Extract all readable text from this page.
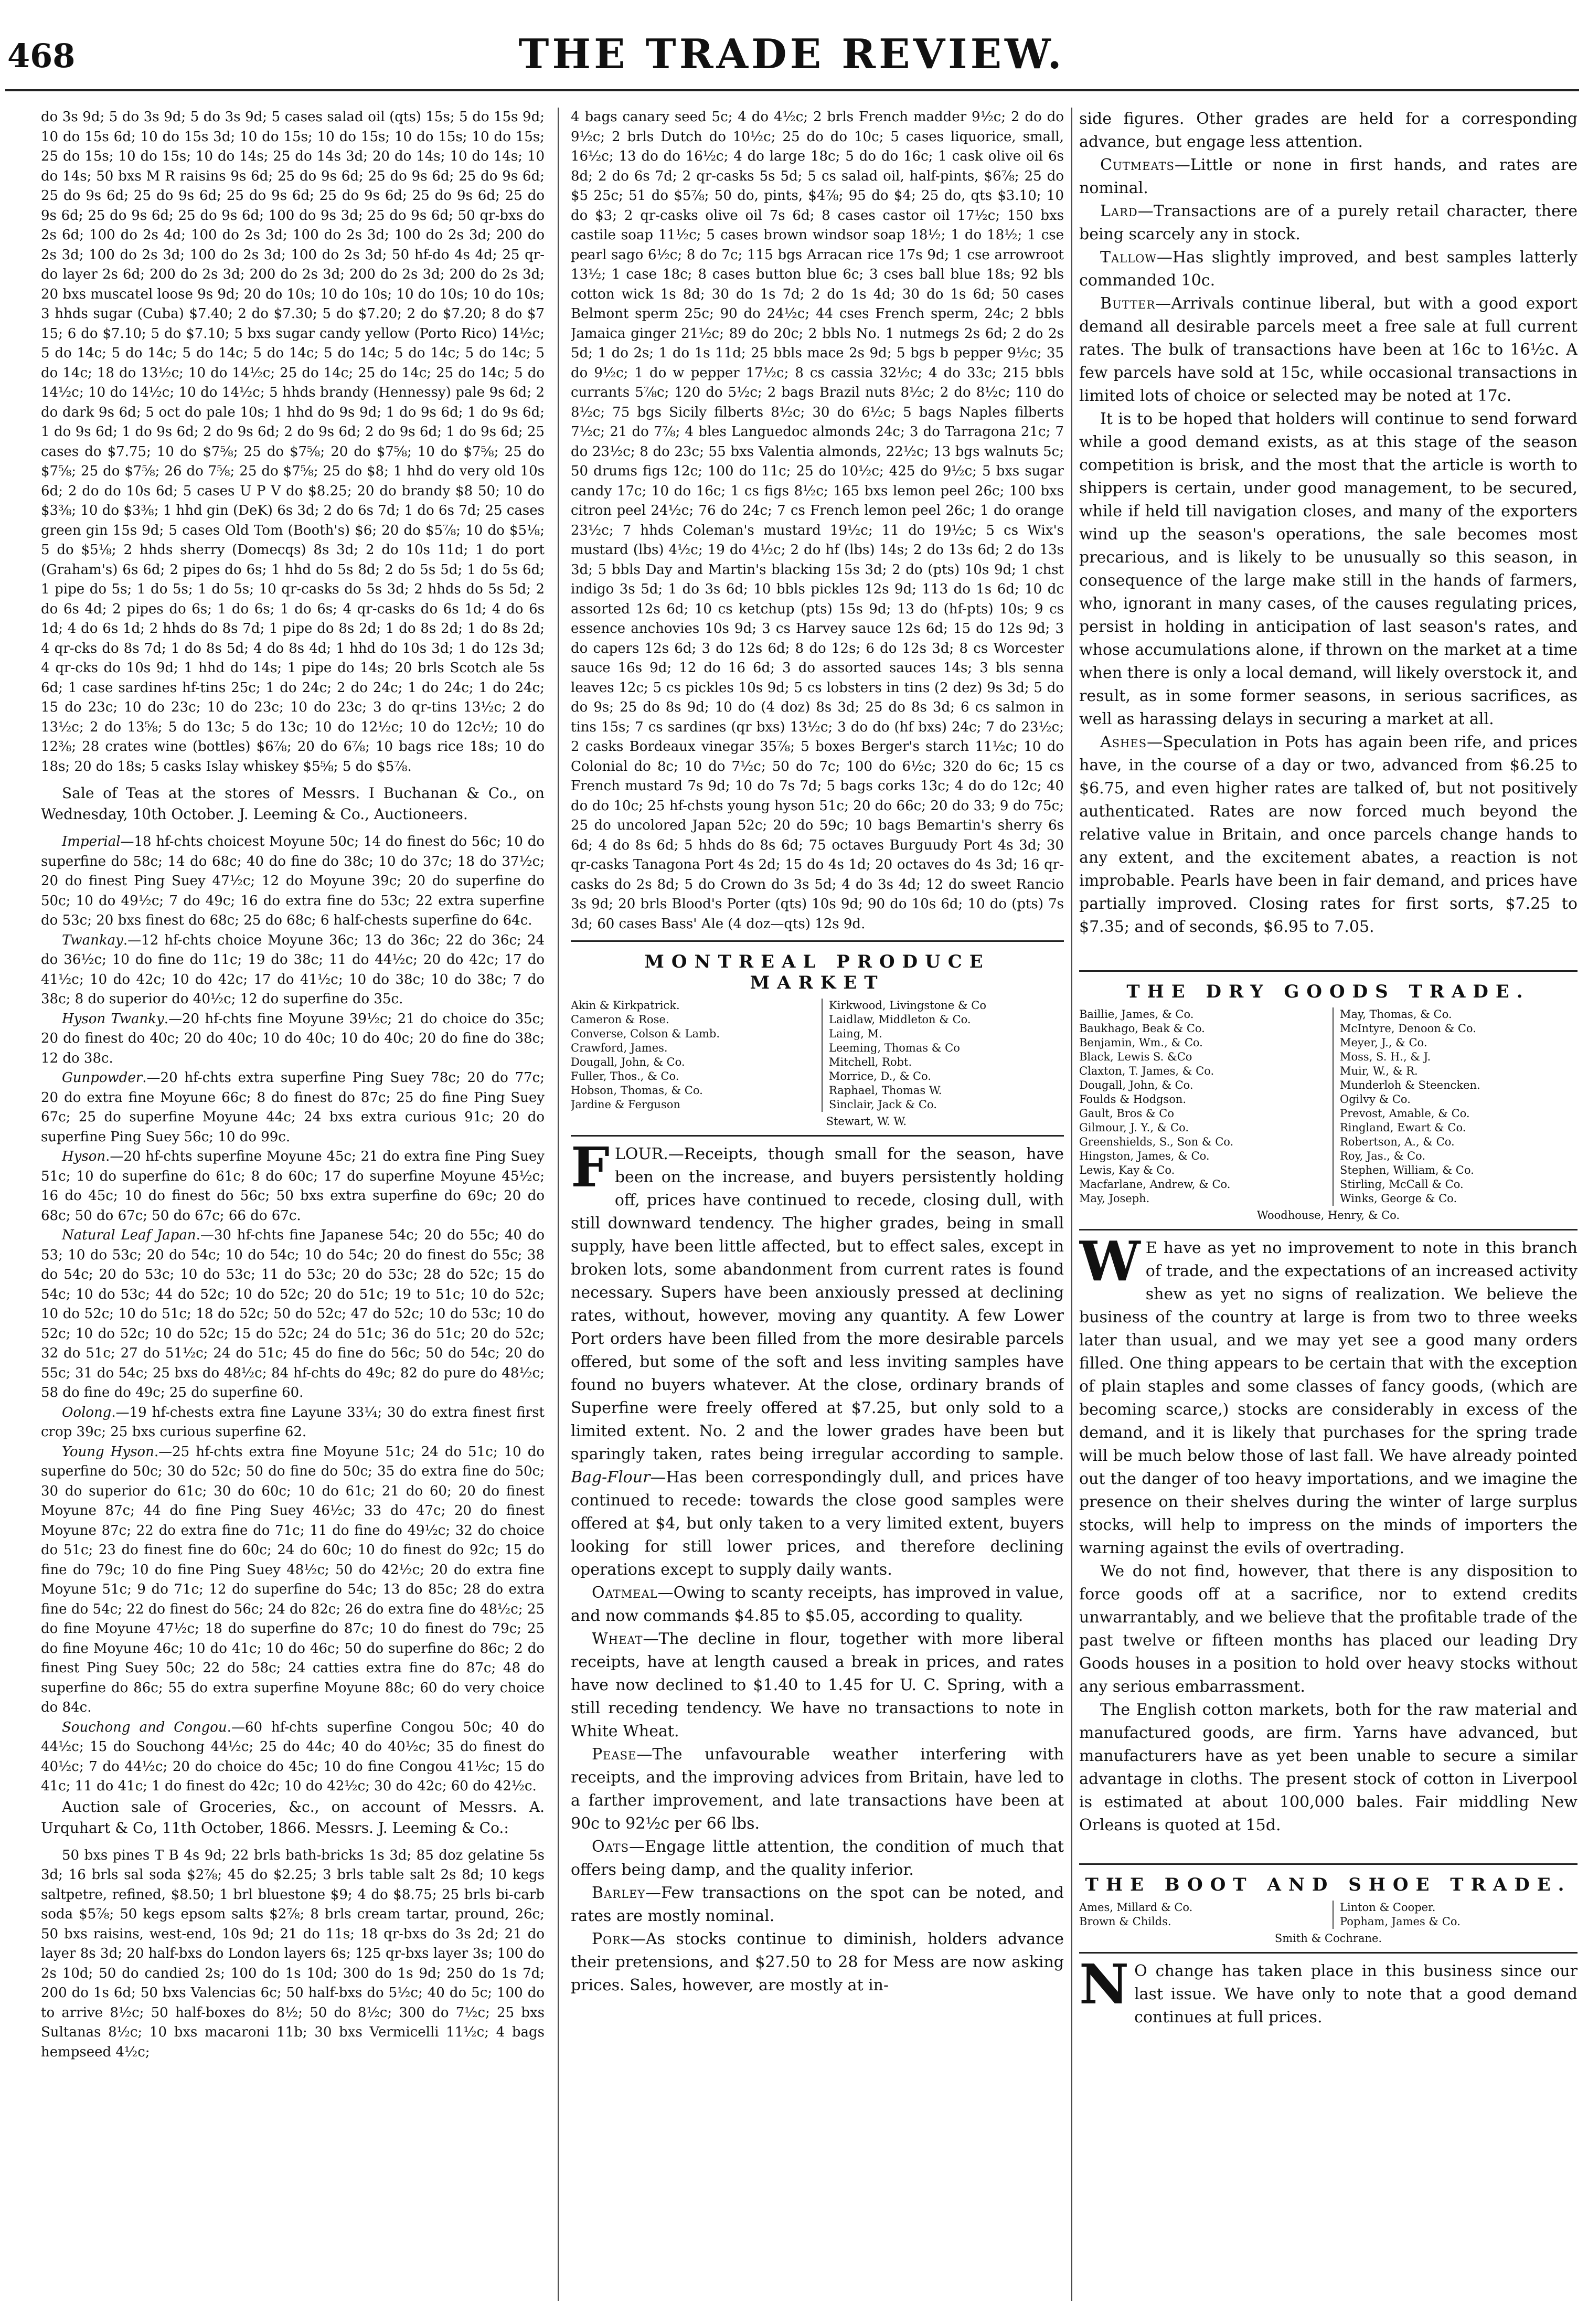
468	THE TRADE REVIEW.

do 3s 9d; 5 do 3s 9d; 5 do 3s 9d; 5 cases salad oil (qts) 15s; 5 do 15s 9d; 10 do 15s 6d; 10 do 15s 3d; 10 do 15s; 10 do 15s; 10 do 15s; 10 do 15s; 25 do 15s; 10 do 15s; 10 do 14s; 25 do 14s 3d; 20 do 14s; 10 do 14s; 10 do 14s; 50 bxs M R raisins 9s 6d; 25 do 9s 6d; 25 do 9s 6d; 25 do 9s 6d; 25 do 9s 6d; 25 do 9s 6d; 25 do 9s 6d; 25 do 9s 6d; 25 do 9s 6d; 25 do 9s 6d; 25 do 9s 6d; 25 do 9s 6d; 100 do 9s 3d; 25 do 9s 6d; 50 qr-bxs do 2s 6d; 100 do 2s 4d; 100 do 2s 3d; 100 do 2s 3d; 100 do 2s 3d; 200 do 2s 3d; 100 do 2s 3d; 100 do 2s 3d; 100 do 2s 3d; 50 hf-do 4s 4d; 25 qr-do layer 2s 6d; 200 do 2s 3d; 200 do 2s 3d; 200 do 2s 3d; 200 do 2s 3d; 20 bxs muscatel loose 9s 9d; 20 do 10s; 10 do 10s; 10 do 10s; 10 do 10s; 3 hhds sugar (Cuba) $7.40; 2 do $7.30; 5 do $7.20; 2 do $7.20; 8 do $7 15; 6 do $7.10; 5 do $7.10; 5 bxs sugar candy yellow (Porto Rico) 14½c; 5 do 14c; 5 do 14c; 5 do 14c; 5 do 14c; 5 do 14c; 5 do 14c; 5 do 14c; 5 do 14c; 18 do 13½c; 10 do 14½c; 25 do 14c; 25 do 14c; 25 do 14c; 5 do 14½c; 10 do 14½c; 10 do 14½c; 5 hhds brandy (Hennessy) pale 9s 6d; 2 do dark 9s 6d; 5 oct do pale 10s; 1 hhd do 9s 9d; 1 do 9s 6d; 1 do 9s 6d; 1 do 9s 6d; 1 do 9s 6d; 2 do 9s 6d; 2 do 9s 6d; 2 do 9s 6d; 1 do 9s 6d; 25 cases do $7.75; 10 do $7⅝; 25 do $7⅝; 20 do $7⅝; 10 do $7⅝; 25 do $7⅝; 25 do $7⅝; 26 do 7⅝; 25 do $7⅝; 25 do $8; 1 hhd do very old 10s 6d; 2 do do 10s 6d; 5 cases U P V do $8.25; 20 do brandy $8 50; 10 do $3⅜; 10 do $3⅜; 1 hhd gin (DeK) 6s 3d; 2 do 6s 7d; 1 do 6s 7d; 25 cases green gin 15s 9d; 5 cases Old Tom (Booth's) $6; 20 do $5⅞; 10 do $5⅛; 5 do $5⅛; 2 hhds sherry (Domecqs) 8s 3d; 2 do 10s 11d; 1 do port (Graham's) 6s 6d; 2 pipes do 6s; 1 hhd do 5s 8d; 2 do 5s 5d; 1 do 5s 6d; 1 pipe do 5s; 1 do 5s; 1 do 5s; 10 qr-casks do 5s 3d; 2 hhds do 5s 5d; 2 do 6s 4d; 2 pipes do 6s; 1 do 6s; 1 do 6s; 4 qr-casks do 6s 1d; 4 do 6s 1d; 4 do 6s 1d; 2 hhds do 8s 7d; 1 pipe do 8s 2d; 1 do 8s 2d; 1 do 8s 2d; 4 qr-cks do 8s 7d; 1 do 8s 5d; 4 do 8s 4d; 1 hhd do 10s 3d; 1 do 12s 3d; 4 qr-cks do 10s 9d; 1 hhd do 14s; 1 pipe do 14s; 20 brls Scotch ale 5s 6d; 1 case sardines hf-tins 25c; 1 do 24c; 2 do 24c; 1 do 24c; 1 do 24c; 15 do 23c; 10 do 23c; 10 do 23c; 10 do 23c; 3 do qr-tins 13½c; 2 do 13½c; 2 do 13⅝; 5 do 13c; 5 do 13c; 10 do 12½c; 10 do 12c½; 10 do 12⅜; 28 crates wine (bottles) $6⅞; 20 do 6⅞; 10 bags rice 18s; 10 do 18s; 20 do 18s; 5 casks Islay whiskey $5⅝; 5 do $5⅞.

Sale of Teas at the stores of Messrs. I Buchanan & Co., on Wednesday, 10th October. J. Leeming & Co., Auctioneers.

Imperial—18 hf-chts choicest Moyune 50c; 14 do finest do 56c; 10 do superfine do 58c; 14 do 68c; 40 do fine do 38c; 10 do 37c; 18 do 37½c; 20 do finest Ping Suey 47½c; 12 do Moyune 39c; 20 do superfine do 50c; 10 do 49½c; 7 do 49c; 16 do extra fine do 53c; 22 extra superfine do 53c; 20 bxs finest do 68c; 25 do 68c; 6 half-chests superfine do 64c.

Twankay.—12 hf-chts choice Moyune 36c; 13 do 36c; 22 do 36c; 24 do 36½c; 10 do fine do 11c; 19 do 38c; 11 do 44½c; 20 do 42c; 17 do 41½c; 10 do 42c; 10 do 42c; 17 do 41½c; 10 do 38c; 10 do 38c; 7 do 38c; 8 do superior do 40½c; 12 do superfine do 35c.

Hyson Twanky.—20 hf-chts fine Moyune 39½c; 21 do choice do 35c; 20 do finest do 40c; 20 do 40c; 10 do 40c; 10 do 40c; 20 do fine do 38c; 12 do 38c.

Gunpowder.—20 hf-chts extra superfine Ping Suey 78c; 20 do 77c; 20 do extra fine Moyune 66c; 8 do finest do 87c; 25 do fine Ping Suey 67c; 25 do superfine Moyune 44c; 24 bxs extra curious 91c; 20 do superfine Ping Suey 56c; 10 do 99c.

Hyson.—20 hf-chts superfine Moyune 45c; 21 do extra fine Ping Suey 51c; 10 do superfine do 61c; 8 do 60c; 17 do superfine Moyune 45½c; 16 do 45c; 10 do finest do 56c; 50 bxs extra superfine do 69c; 20 do 68c; 50 do 67c; 50 do 67c; 66 do 67c.

Natural Leaf Japan.—30 hf-chts fine Japanese 54c; 20 do 55c; 40 do 53; 10 do 53c; 20 do 54c; 10 do 54c; 10 do 54c; 20 do finest do 55c; 38 do 54c; 20 do 53c; 10 do 53c; 11 do 53c; 20 do 53c; 28 do 52c; 15 do 54c; 10 do 53c; 44 do 52c; 10 do 52c; 20 do 51c; 19 to 51c; 10 do 52c; 10 do 52c; 10 do 51c; 18 do 52c; 50 do 52c; 47 do 52c; 10 do 53c; 10 do 52c; 10 do 52c; 10 do 52c; 15 do 52c; 24 do 51c; 36 do 51c; 20 do 52c; 32 do 51c; 27 do 51½c; 24 do 51c; 45 do fine do 56c; 50 do 54c; 20 do 55c; 31 do 54c; 25 bxs do 48½c; 84 hf-chts do 49c; 82 do pure do 48½c; 58 do fine do 49c; 25 do superfine 60.

Oolong.—19 hf-chests extra fine Layune 33¼; 30 do extra finest first crop 39c; 25 bxs curious superfine 62.

Young Hyson.—25 hf-chts extra fine Moyune 51c; 24 do 51c; 10 do superfine do 50c; 30 do 52c; 50 do fine do 50c; 35 do extra fine do 50c; 30 do superior do 61c; 30 do 60c; 10 do 61c; 21 do 60; 20 do finest Moyune 87c; 44 do fine Ping Suey 46½c; 33 do 47c; 20 do finest Moyune 87c; 22 do extra fine do 71c; 11 do fine do 49½c; 32 do choice do 51c; 23 do finest fine do 60c; 24 do 60c; 10 do finest do 92c; 15 do fine do 79c; 10 do fine Ping Suey 48½c; 50 do 42½c; 20 do extra fine Moyune 51c; 9 do 71c; 12 do superfine do 54c; 13 do 85c; 28 do extra fine do 54c; 22 do finest do 56c; 24 do 82c; 26 do extra fine do 48½c; 25 do fine Moyune 47½c; 18 do superfine do 87c; 10 do finest do 79c; 25 do fine Moyune 46c; 10 do 41c; 10 do 46c; 50 do superfine do 86c; 2 do finest Ping Suey 50c; 22 do 58c; 24 catties extra fine do 87c; 48 do superfine do 86c; 55 do extra superfine Moyune 88c; 60 do very choice do 84c.

Souchong and Congou.—60 hf-chts superfine Congou 50c; 40 do 44½c; 15 do Souchong 44½c; 25 do 44c; 40 do 40½c; 35 do finest do 40½c; 7 do 44½c; 20 do choice do 45c; 10 do fine Congou 41½c; 15 do 41c; 11 do 41c; 1 do finest do 42c; 10 do 42½c; 30 do 42c; 60 do 42½c.

Auction sale of Groceries, &c., on account of Messrs. A. Urquhart & Co, 11th October, 1866. Messrs. J. Leeming & Co.:

50 bxs pines T B 4s 9d; 22 brls bath-bricks 1s 3d; 85 doz gelatine 5s 3d; 16 brls sal soda $2⅞; 45 do $2.25; 3 brls table salt 2s 8d; 10 kegs saltpetre, refined, $8.50; 1 brl bluestone $9; 4 do $8.75; 25 brls bi-carb soda $5⅞; 50 kegs epsom salts $2⅞; 8 brls cream tartar, pround, 26c; 50 bxs raisins, west-end, 10s 9d; 21 do 11s; 18 qr-bxs do 3s 2d; 21 do layer 8s 3d; 20 half-bxs do London layers 6s; 125 qr-bxs layer 3s; 100 do 2s 10d; 50 do candied 2s; 100 do 1s 10d; 300 do 1s 9d; 250 do 1s 7d; 200 do 1s 6d; 50 bxs Valencias 6c; 50 half-bxs do 5½c; 40 do 5c; 100 do to arrive 8½c; 50 half-boxes do 8½; 50 do 8½c; 300 do 7½c; 25 bxs Sultanas 8½c; 10 bxs macaroni 11b; 30 bxs Vermicelli 11½c; 4 bags hempseed 4½c;

4 bags canary seed 5c; 4 do 4½c; 2 brls French madder 9½c; 2 do do 9½c; 2 brls Dutch do 10½c; 25 do do 10c; 5 cases liquorice, small, 16½c; 13 do do 16½c; 4 do large 18c; 5 do do 16c; 1 cask olive oil 6s 8d; 2 do 6s 7d; 2 qr-casks 5s 5d; 5 cs salad oil, half-pints, $6⅞; 25 do $5 25c; 51 do $5⅞; 50 do, pints, $4⅞; 95 do $4; 25 do, qts $3.10; 10 do $3; 2 qr-casks olive oil 7s 6d; 8 cases castor oil 17½c; 150 bxs castile soap 11½c; 5 cases brown windsor soap 18½; 1 do 18½; 1 cse pearl sago 6½c; 8 do 7c; 115 bgs Arracan rice 17s 9d; 1 cse arrowroot 13½; 1 case 18c; 8 cases button blue 6c; 3 cses ball blue 18s; 92 bls cotton wick 1s 8d; 30 do 1s 7d; 2 do 1s 4d; 30 do 1s 6d; 50 cases Belmont sperm 25c; 90 do 24½c; 44 cses French sperm, 24c; 2 bbls Jamaica ginger 21½c; 89 do 20c; 2 bbls No. 1 nutmegs 2s 6d; 2 do 2s 5d; 1 do 2s; 1 do 1s 11d; 25 bbls mace 2s 9d; 5 bgs b pepper 9½c; 35 do 9½c; 1 do w pepper 17½c; 8 cs cassia 32½c; 4 do 33c; 215 bbls currants 5⅞c; 120 do 5½c; 2 bags Brazil nuts 8½c; 2 do 8½c; 110 do 8½c; 75 bgs Sicily filberts 8½c; 30 do 6½c; 5 bags Naples filberts 7½c; 21 do 7⅞; 4 bles Languedoc almonds 24c; 3 do Tarragona 21c; 7 do 23½c; 8 do 23c; 55 bxs Valentia almonds, 22½c; 13 bgs walnuts 5c; 50 drums figs 12c; 100 do 11c; 25 do 10½c; 425 do 9½c; 5 bxs sugar candy 17c; 10 do 16c; 1 cs figs 8½c; 165 bxs lemon peel 26c; 100 bxs citron peel 24½c; 76 do 24c; 7 cs French lemon peel 26c; 1 do orange 23½c; 7 hhds Coleman's mustard 19½c; 11 do 19½c; 5 cs Wix's mustard (lbs) 4½c; 19 do 4½c; 2 do hf (lbs) 14s; 2 do 13s 6d; 2 do 13s 3d; 5 bbls Day and Martin's blacking 15s 3d; 2 do (pts) 10s 9d; 1 chst indigo 3s 5d; 1 do 3s 6d; 10 bbls pickles 12s 9d; 113 do 1s 6d; 10 dc assorted 12s 6d; 10 cs ketchup (pts) 15s 9d; 13 do (hf-pts) 10s; 9 cs essence anchovies 10s 9d; 3 cs Harvey sauce 12s 6d; 15 do 12s 9d; 3 do capers 12s 6d; 3 do 12s 6d; 8 do 12s; 6 do 12s 3d; 8 cs Worcester sauce 16s 9d; 12 do 16 6d; 3 do assorted sauces 14s; 3 bls senna leaves 12c; 5 cs pickles 10s 9d; 5 cs lobsters in tins (2 dez) 9s 3d; 5 do do 9s; 25 do 8s 9d; 10 do (4 doz) 8s 3d; 25 do 8s 3d; 6 cs salmon in tins 15s; 7 cs sardines (qr bxs) 13½c; 3 do do (hf bxs) 24c; 7 do 23½c; 2 casks Bordeaux vinegar 35⅞; 5 boxes Berger's starch 11½c; 10 do Colonial do 8c; 10 do 7½c; 50 do 7c; 100 do 6½c; 320 do 6c; 15 cs French mustard 7s 9d; 10 do 7s 7d; 5 bags corks 13c; 4 do do 12c; 40 do do 10c; 25 hf-chsts young hyson 51c; 20 do 66c; 20 do 33; 9 do 75c; 25 do uncolored Japan 52c; 20 do 59c; 10 bags Bemartin's sherry 6s 6d; 4 do 8s 6d; 5 hhds do 8s 6d; 75 octaves Burguudy Port 4s 3d; 30 qr-casks Tanagona Port 4s 2d; 15 do 4s 1d; 20 octaves do 4s 3d; 16 qr-casks do 2s 8d; 5 do Crown do 3s 5d; 4 do 3s 4d; 12 do sweet Rancio 3s 9d; 20 brls Blood's Porter (qts) 10s 9d; 90 do 10s 6d; 10 do (pts) 7s 3d; 60 cases Bass' Ale (4 doz—qts) 12s 9d.

MONTREAL PRODUCE MARKET
Akin & Kirkpatrick.
Cameron & Rose.
Converse, Colson & Lamb.
Crawford, James.
Dougall, John, & Co.
Fuller, Thos., & Co.
Hobson, Thomas, & Co.
Jardine & Ferguson
Kirkwood, Livingstone & Co
Laidlaw, Middleton & Co.
Laing, M.
Leeming, Thomas & Co
Mitchell, Robt.
Morrice, D., & Co.
Raphael, Thomas W.
Sinclair, Jack & Co.
Stewart, W. W.

FLOUR.—Receipts, though small for the season, have been on the increase, and buyers persistently holding off, prices have continued to recede, closing dull, with still downward tendency. The higher grades, being in small supply, have been little affected, but to effect sales, except in broken lots, some abandonment from current rates is found necessary. Supers have been anxiously pressed at declining rates, without, however, moving any quantity. A few Lower Port orders have been filled from the more desirable parcels offered, but some of the soft and less inviting samples have found no buyers whatever. At the close, ordinary brands of Superfine were freely offered at $7.25, but only sold to a limited extent. No. 2 and the lower grades have been but sparingly taken, rates being irregular according to sample. Bag-Flour—Has been correspondingly dull, and prices have continued to recede: towards the close good samples were offered at $4, but only taken to a very limited extent, buyers looking for still lower prices, and therefore declining operations except to supply daily wants.

Oatmeal—Owing to scanty receipts, has improved in value, and now commands $4.85 to $5.05, according to quality.

Wheat—The decline in flour, together with more liberal receipts, have at length caused a break in prices, and rates have now declined to $1.40 to 1.45 for U. C. Spring, with a still receding tendency. We have no transactions to note in White Wheat.

Pease—The unfavourable weather interfering with receipts, and the improving advices from Britain, have led to a farther improvement, and late transactions have been at 90c to 92½c per 66 lbs.

Oats—Engage little attention, the condition of much that offers being damp, and the quality inferior.

Barley—Few transactions on the spot can be noted, and rates are mostly nominal.

Pork—As stocks continue to diminish, holders advance their pretensions, and $27.50 to 28 for Mess are now asking prices. Sales, however, are mostly at in-

side figures. Other grades are held for a corresponding advance, but engage less attention.

Cutmeats—Little or none in first hands, and rates are nominal.

Lard—Transactions are of a purely retail character, there being scarcely any in stock.

Tallow—Has slightly improved, and best samples latterly commanded 10c.

Butter—Arrivals continue liberal, but with a good export demand all desirable parcels meet a free sale at full current rates. The bulk of transactions have been at 16c to 16½c. A few parcels have sold at 15c, while occasional transactions in limited lots of choice or selected may be noted at 17c.

It is to be hoped that holders will continue to send forward while a good demand exists, as at this stage of the season competition is brisk, and the most that the article is worth to shippers is certain, under good management, to be secured, while if held till navigation closes, and many of the exporters wind up the season's operations, the sale becomes most precarious, and is likely to be unusually so this season, in consequence of the large make still in the hands of farmers, who, ignorant in many cases, of the causes regulating prices, persist in holding in anticipation of last season's rates, and whose accumulations alone, if thrown on the market at a time when there is only a local demand, will likely overstock it, and result, as in some former seasons, in serious sacrifices, as well as harassing delays in securing a market at all.

Ashes—Speculation in Pots has again been rife, and prices have, in the course of a day or two, advanced from $6.25 to $6.75, and even higher rates are talked of, but not positively authenticated. Rates are now forced much beyond the relative value in Britain, and once parcels change hands to any extent, and the excitement abates, a reaction is not improbable. Pearls have been in fair demand, and prices have partially improved. Closing rates for first sorts, $7.25 to $7.35; and of seconds, $6.95 to 7.05.

THE DRY GOODS TRADE.
Baillie, James, & Co.
Baukhago, Beak & Co.
Benjamin, Wm., & Co.
Black, Lewis S. &Co
Claxton, T. James, & Co.
Dougall, John, & Co.
Foulds & Hodgson.
Gault, Bros & Co
Gilmour, J. Y., & Co.
Greenshields, S., Son & Co.
Hingston, James, & Co.
Lewis, Kay & Co.
Macfarlane, Andrew, & Co.
May, Joseph.
May, Thomas, & Co.
McIntyre, Denoon & Co.
Meyer, J., & Co.
Moss, S. H., & J.
Muir, W., & R.
Munderloh & Steencken.
Ogilvy & Co.
Prevost, Amable, & Co.
Ringland, Ewart & Co.
Robertson, A., & Co.
Roy, Jas., & Co.
Stephen, William, & Co.
Stirling, McCall & Co.
Winks, George & Co.
Woodhouse, Henry, & Co.

W E have as yet no improvement to note in this branch of trade, and the expectations of an increased activity shew as yet no signs of realization. We believe the business of the country at large is from two to three weeks later than usual, and we may yet see a good many orders filled. One thing appears to be certain that with the exception of plain staples and some classes of fancy goods, (which are becoming scarce,) stocks are considerably in excess of the demand, and it is likely that purchases for the spring trade will be much below those of last fall. We have already pointed out the danger of too heavy importations, and we imagine the presence on their shelves during the winter of large surplus stocks, will help to impress on the minds of importers the warning against the evils of overtrading.

We do not find, however, that there is any disposition to force goods off at a sacrifice, nor to extend credits unwarrantably, and we believe that the profitable trade of the past twelve or fifteen months has placed our leading Dry Goods houses in a position to hold over heavy stocks without any serious embarrassment.

The English cotton markets, both for the raw material and manufactured goods, are firm. Yarns have advanced, but manufacturers have as yet been unable to secure a similar advantage in cloths. The present stock of cotton in Liverpool is estimated at about 100,000 bales. Fair middling New Orleans is quoted at 15d.

THE BOOT AND SHOE TRADE.
Ames, Millard & Co.
Brown & Childs.
Linton & Cooper.
Popham, James & Co.
Smith & Cochrane.

N O change has taken place in this business since our last issue. We have only to note that a good demand continues at full prices.
